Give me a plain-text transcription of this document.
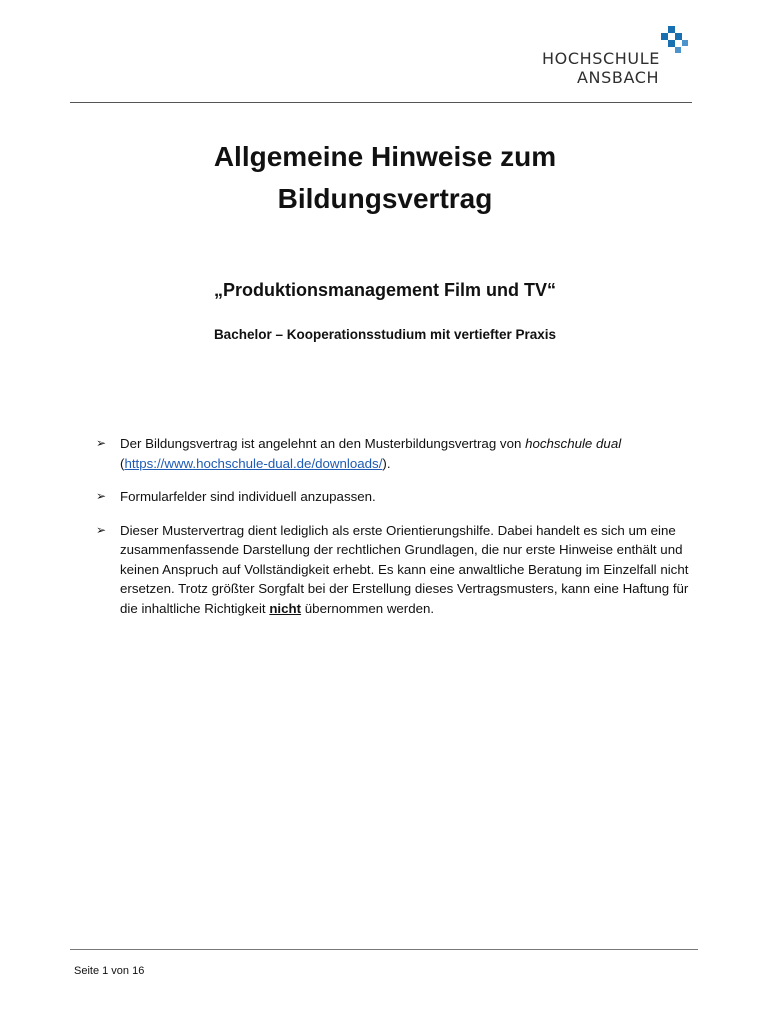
HOCHSCHULE
ANSBACH
Allgemeine Hinweise zum
Bildungsvertrag
„Produktionsmanagement Film und TV“
Bachelor – Kooperationsstudium mit vertiefter Praxis
➢ Der Bildungsvertrag ist angelehnt an den Musterbildungsvertrag von hochschule dual
(https://www.hochschule-dual.de/downloads/).
➢ Formularfelder sind individuell anzupassen.
➢ Dieser Mustervertrag dient lediglich als erste Orientierungshilfe. Dabei handelt es sich um eine zusammenfassende Darstellung der rechtlichen Grundlagen, die nur erste Hinweise enthält und keinen Anspruch auf Vollständigkeit erhebt. Es kann eine anwaltliche Beratung im Einzelfall nicht ersetzen. Trotz größter Sorgfalt bei der Erstellung dieses Vertragsmusters, kann eine Haftung für die inhaltliche Richtigkeit nicht übernommen werden.
Seite 1 von 16
